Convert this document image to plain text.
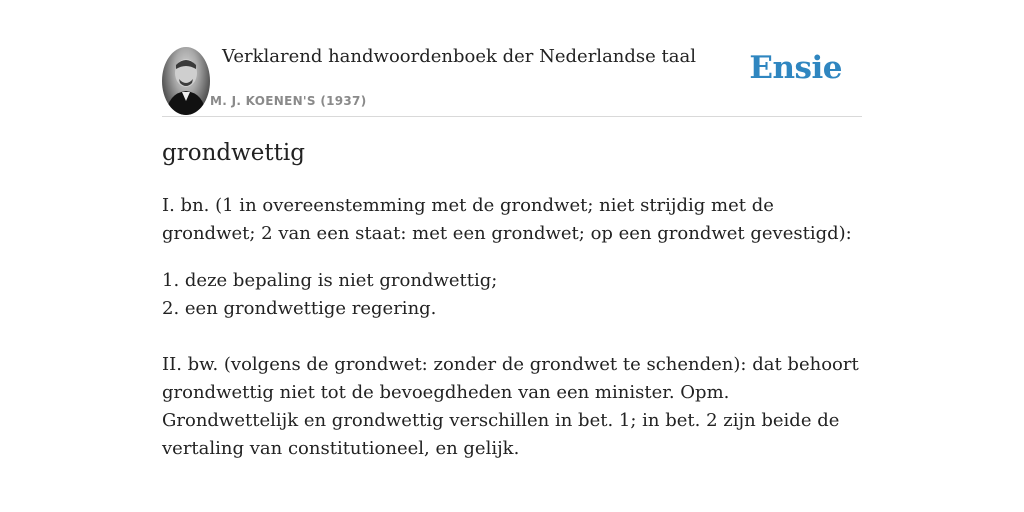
Verklarend handwoordenboek der Nederlandse taal
M. J. KOENEN'S (1937)
Ensie
grondwettig

I. bn. (1 in overeenstemming met de grondwet; niet strijdig met de grondwet; 2 van een staat: met een grondwet; op een grondwet gevestigd):

1. deze bepaling is niet grondwettig;
2. een grondwettige regering.

II. bw. (volgens de grondwet: zonder de grondwet te schenden): dat behoort grondwettig niet tot de bevoegdheden van een minister. Opm. Grondwettelijk en grondwettig verschillen in bet. 1; in bet. 2 zijn beide de vertaling van constitutioneel, en gelijk.
